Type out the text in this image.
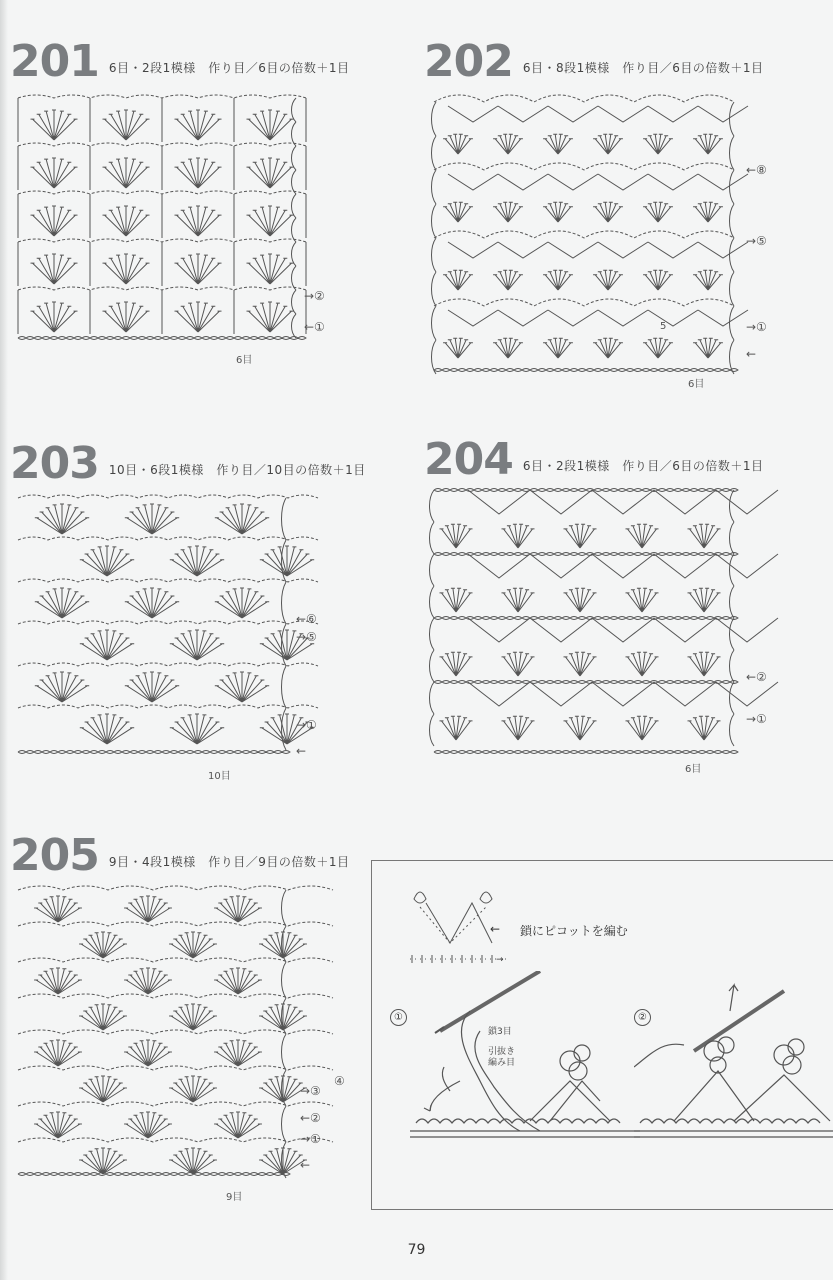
201 6目・2段1模様　作り目／6目の倍数＋1目
→②
←①
6目
202 6目・8段1模様　作り目／6目の倍数＋1目
←⑧
→⑤
→①
←
5
6目
203 10目・6段1模様　作り目／10目の倍数＋1目
←⑥
→⑤
→①
←
10目
204 6目・2段1模様　作り目／6目の倍数＋1目
←②
→①
6目
205 9目・4段1模様　作り目／9目の倍数＋1目
④
→③
←②
→①
←
9目
← 鎖にピコットを編む
→
①	②
鎖3目
引抜き
編み目
79
